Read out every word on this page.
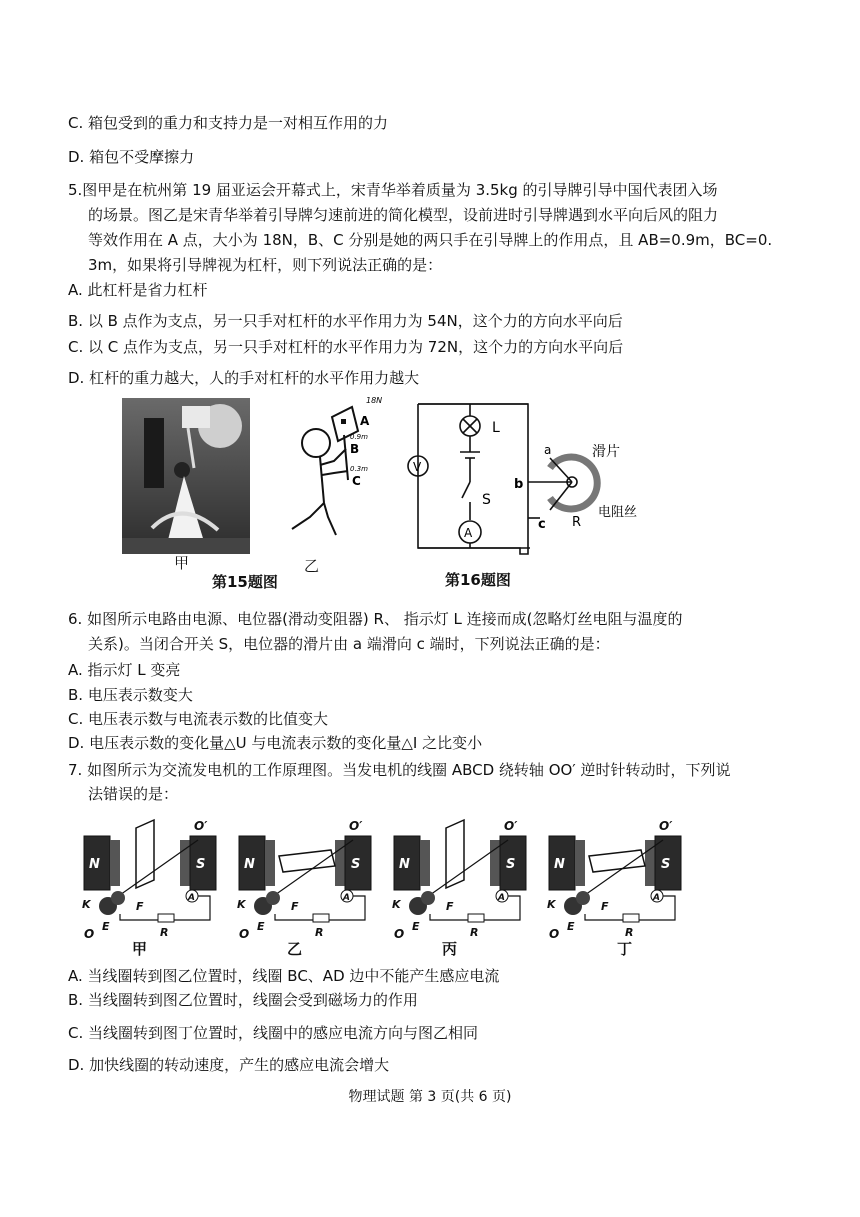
C. 箱包受到的重力和支持力是一对相互作用的力
D. 箱包不受摩擦力
5.图甲是在杭州第 19 届亚运会开幕式上，宋青华举着质量为 3.5kg 的引导牌引导中国代表团入场
的场景。图乙是宋青华举着引导牌匀速前进的简化模型，设前进时引导牌遇到水平向后风的阻力
等效作用在 A 点，大小为 18N，B、C 分别是她的两只手在引导牌上的作用点，且 AB=0.9m，BC=0.
3m，如果将引导牌视为杠杆，则下列说法正确的是：
A. 此杠杆是省力杠杆
B. 以 B 点作为支点，另一只手对杠杆的水平作用力为 54N，这个力的方向水平向后
C. 以 C 点作为支点，另一只手对杠杆的水平作用力为 72N，这个力的方向水平向后
D. 杠杆的重力越大，人的手对杠杆的水平作用力越大
甲
A
B
C
18N
0.9m
0.3m
乙
第15题图
L
S
V
A
a
b
c R
滑片
电阻丝
第16题图
6. 如图所示电路由电源、电位器(滑动变阻器) R、 指示灯 L 连接而成(忽略灯丝电阻与温度的
关系)。当闭合开关 S，电位器的滑片由 a 端滑向 c 端时，下列说法正确的是：
A. 指示灯 L 变亮
B. 电压表示数变大
C. 电压表示数与电流表示数的比值变大
D. 电压表示数的变化量△U 与电流表示数的变化量△I 之比变小
7. 如图所示为交流发电机的工作原理图。当发电机的线圈 ABCD 绕转轴 OO′ 逆时针转动时，下列说
法错误的是：
N	S
O′
O
K
E
F
R
A
甲
N	S
O′
O
K
E
F
R
A
乙
N	S
O′
O
K
E
F
R
A
丙
N	S
O′
O
K
E
F
R
A
丁
A. 当线圈转到图乙位置时，线圈 BC、AD 边中不能产生感应电流
B. 当线圈转到图乙位置时，线圈会受到磁场力的作用
C. 当线圈转到图丁位置时，线圈中的感应电流方向与图乙相同
D. 加快线圈的转动速度，产生的感应电流会增大
物理试题 第 3 页(共 6 页)
